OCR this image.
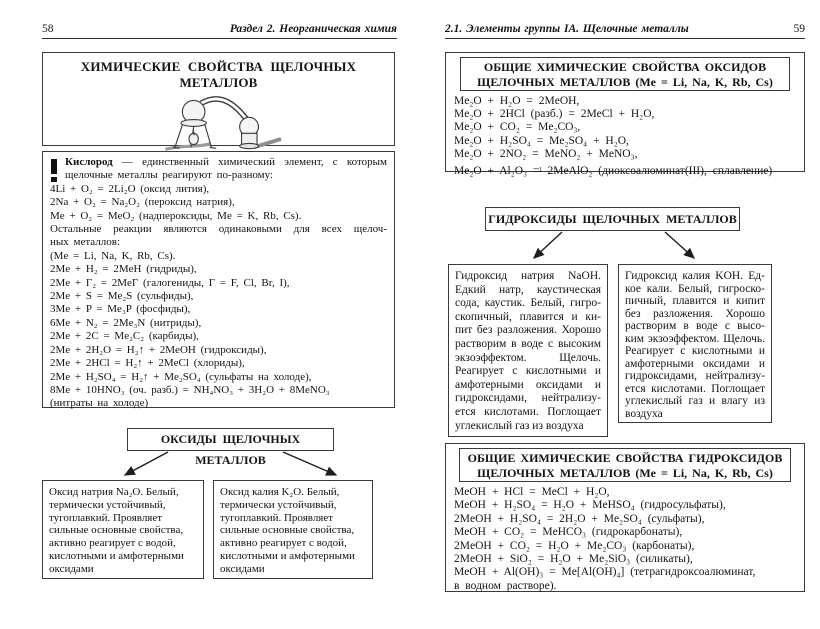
58	Раздел 2. Неорганическая химия
ХИМИЧЕСКИЕ СВОЙСТВА ЩЕЛОЧНЫХ МЕТАЛЛОВ
Кислород — единственный химический элемент, с которым
щелочные металлы реагируют по-разному:
4Li + O₂ = 2Li₂O (оксид лития),
2Na + O₂ = Na₂O₂ (пероксид натрия),
Me + O₂ = MeO₂ (надпероксиды, Me = K, Rb, Cs).
Остальные реакции являются одинаковыми для всех щелоч-
ных металлов:
(Me = Li, Na, K, Rb, Cs).
2Me + H₂ = 2MeH (гидриды),
2Me + Г₂ = 2MeГ (галогениды, Г = F, Cl, Br, I),
2Me + S = Me₂S (сульфиды),
3Me + P = Me₃P (фосфиды),
6Me + N₂ = 2Me₃N (нитриды),
2Me + 2C = Me₂C₂ (карбиды),
2Me + 2H₂O = H₂↑ + 2MeOH (гидроксиды),
2Me + 2HCl = H₂↑ + 2MeCl (хлориды),
2Me + H₂SO₄ = H₂↑ + Me₂SO₄ (сульфаты на холоде),
8Me + 10HNO₃ (оч. разб.) = NH₄NO₃ + 3H₂O + 8MeNO₃
(нитраты на холоде)
ОКСИДЫ ЩЕЛОЧНЫХ МЕТАЛЛОВ
Оксид натрия Na₂O. Белый,
термически устойчивый,
тугоплавкий. Проявляет
сильные основные свойства,
активно реагирует с водой,
кислотными и амфотерными
оксидами
Оксид калия K₂O. Белый,
термически устойчивый,
тугоплавкий. Проявляет
сильные основные свойства,
активно реагирует с водой,
кислотными и амфотерными
оксидами
2.1. Элементы группы IA. Щелочные металлы	59
ОБЩИЕ ХИМИЧЕСКИЕ СВОЙСТВА ОКСИДОВ
ЩЕЛОЧНЫХ МЕТАЛЛОВ (Me = Li, Na, K, Rb, Cs)
Me₂O + H₂O = 2MeOH,
Me₂O + 2HCl (разб.) = 2MeCl + H₂O,
Me₂O + CO₂ = Me₂CO₃,
Me₂O + H₂SO₄ = Me₂SO₄ + H₂O,
Me₂O + 2NO₂ = MeNO₂ + MeNO₃,
Me₂O + Al₂O₃ =ᵗ 2MeAlO₂ (диоксоалюминат(III), сплавление)
ГИДРОКСИДЫ ЩЕЛОЧНЫХ МЕТАЛЛОВ
Гидроксид натрия NaOH.
Едкий натр, каустическая
сода, каустик. Белый, гигро-
скопичный, плавится и ки-
пит без разложения. Хорошо
растворим в воде с высоким
экзоэффектом. Щелочь.
Реагирует с кислотными и
амфотерными оксидами и
гидроксидами, нейтрализу-
ется кислотами. Поглощает
углекислый газ из воздуха
Гидроксид калия KOH. Ед-
кое кали. Белый, гигроско-
пичный, плавится и кипит
без разложения. Хорошо
растворим в воде с высо-
ким экзоэффектом. Щелочь.
Реагирует с кислотными и
амфотерными оксидами и
гидроксидами, нейтрализу-
ется кислотами. Поглощает
углекислый газ и влагу из
воздуха
ОБЩИЕ ХИМИЧЕСКИЕ СВОЙСТВА ГИДРОКСИДОВ
ЩЕЛОЧНЫХ МЕТАЛЛОВ (Me = Li, Na, K, Rb, Cs)
MeOH + HCl = MeCl + H₂O,
MeOH + H₂SO₄ = H₂O + MeHSO₄ (гидросульфаты),
2MeOH + H₂SO₄ = 2H₂O + Me₂SO₄ (сульфаты),
MeOH + CO₂ = MeHCO₃ (гидрокарбонаты),
2MeOH + CO₂ = H₂O + Me₂CO₃ (карбонаты),
2MeOH + SiO₂ = H₂O + Me₂SiO₃ (силикаты),
MeOH + Al(OH)₃ = Me[Al(OH)₄] (тетрагидроксоалюминат,
в водном растворе).
